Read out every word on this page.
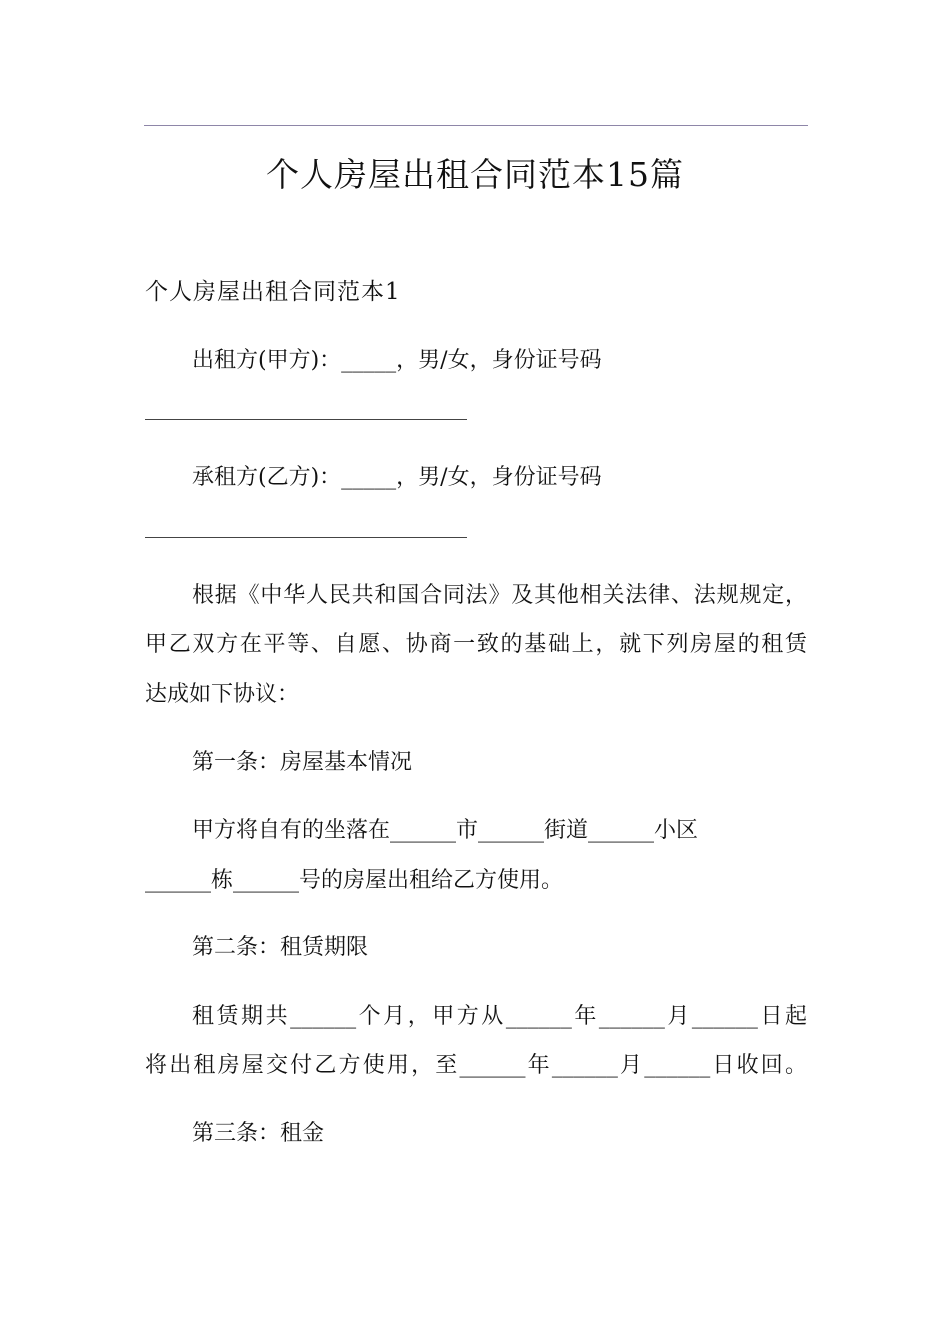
个人房屋出租合同范本15篇
个人房屋出租合同范本1
出租方(甲方)：_____，男/女，身份证号码
承租方(乙方)：_____，男/女，身份证号码
根据《中华人民共和国合同法》及其他相关法律、法规规定，
甲乙双方在平等、自愿、协商一致的基础上，就下列房屋的租赁
达成如下协议：
第一条：房屋基本情况
甲方将自有的坐落在______市______街道______小区
______栋______号的房屋出租给乙方使用。
第二条：租赁期限
租赁期共______个月，甲方从______年______月______日起
将出租房屋交付乙方使用，至______年______月______日收回。
第三条：租金
